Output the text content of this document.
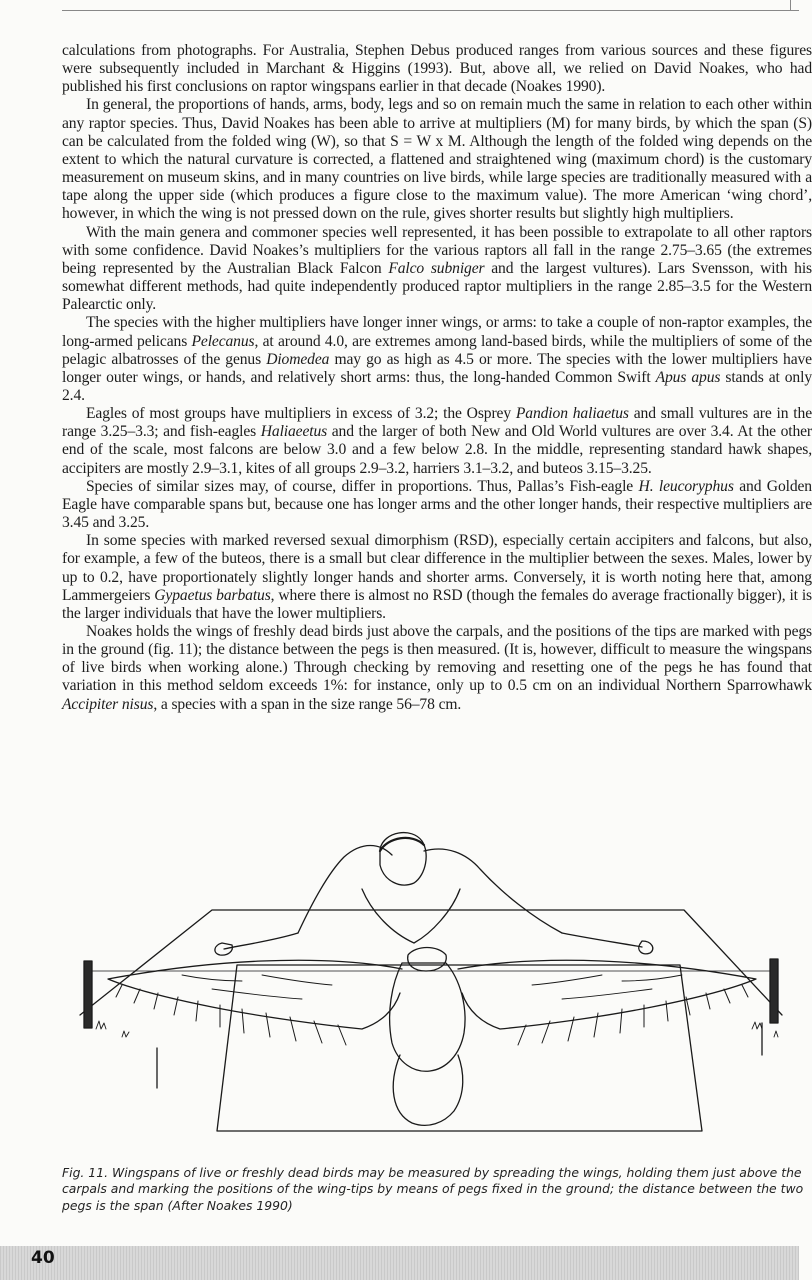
calculations from photographs. For Australia, Stephen Debus produced ranges from various sources and these figures were subsequently included in Marchant & Higgins (1993). But, above all, we relied on David Noakes, who had published his first conclusions on raptor wingspans earlier in that decade (Noakes 1990).

In general, the proportions of hands, arms, body, legs and so on remain much the same in relation to each other within any raptor species. Thus, David Noakes has been able to arrive at multipliers (M) for many birds, by which the span (S) can be calculated from the folded wing (W), so that S = W x M. Although the length of the folded wing depends on the extent to which the natural curvature is corrected, a flattened and straightened wing (maximum chord) is the customary measurement on museum skins, and in many countries on live birds, while large species are traditionally measured with a tape along the upper side (which produces a figure close to the maximum value). The more American ‘wing chord’, however, in which the wing is not pressed down on the rule, gives shorter results but slightly high multipliers.

With the main genera and commoner species well represented, it has been possible to extrapolate to all other raptors with some confidence. David Noakes’s multipliers for the various raptors all fall in the range 2.75–3.65 (the extremes being represented by the Australian Black Falcon Falco subniger and the largest vultures). Lars Svensson, with his somewhat different methods, had quite independently produced raptor multipliers in the range 2.85–3.5 for the Western Palearctic only.

The species with the higher multipliers have longer inner wings, or arms: to take a couple of non-raptor examples, the long-armed pelicans Pelecanus, at around 4.0, are extremes among land-based birds, while the multipliers of some of the pelagic albatrosses of the genus Diomedea may go as high as 4.5 or more. The species with the lower multipliers have longer outer wings, or hands, and relatively short arms: thus, the long-handed Common Swift Apus apus stands at only 2.4.

Eagles of most groups have multipliers in excess of 3.2; the Osprey Pandion haliaetus and small vultures are in the range 3.25–3.3; and fish-eagles Haliaeetus and the larger of both New and Old World vultures are over 3.4. At the other end of the scale, most falcons are below 3.0 and a few below 2.8. In the middle, representing standard hawk shapes, accipiters are mostly 2.9–3.1, kites of all groups 2.9–3.2, harriers 3.1–3.2, and buteos 3.15–3.25.

Species of similar sizes may, of course, differ in proportions. Thus, Pallas’s Fish-eagle H. leucoryphus and Golden Eagle have comparable spans but, because one has longer arms and the other longer hands, their respective multipliers are 3.45 and 3.25.

In some species with marked reversed sexual dimorphism (RSD), especially certain accipiters and falcons, but also, for example, a few of the buteos, there is a small but clear difference in the multiplier between the sexes. Males, lower by up to 0.2, have proportionately slightly longer hands and shorter arms. Conversely, it is worth noting here that, among Lammergeiers Gypaetus barbatus, where there is almost no RSD (though the females do average fractionally bigger), it is the larger individuals that have the lower multipliers.

Noakes holds the wings of freshly dead birds just above the carpals, and the positions of the tips are marked with pegs in the ground (fig. 11); the distance between the pegs is then measured. (It is, however, difficult to measure the wingspans of live birds when working alone.) Through checking by removing and resetting one of the pegs he has found that variation in this method seldom exceeds 1%: for instance, only up to 0.5 cm on an individual Northern Sparrowhawk Accipiter nisus, a species with a span in the size range 56–78 cm.

Fig. 11. Wingspans of live or freshly dead birds may be measured by spreading the wings, holding them just above the carpals and marking the positions of the wing-tips by means of pegs fixed in the ground; the distance between the two pegs is the span (After Noakes 1990)
40
